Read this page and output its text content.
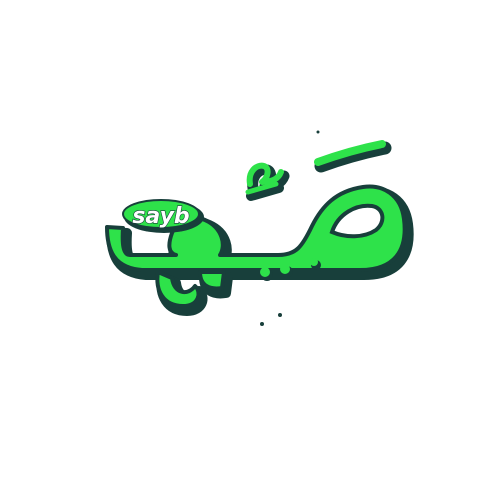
sayb
